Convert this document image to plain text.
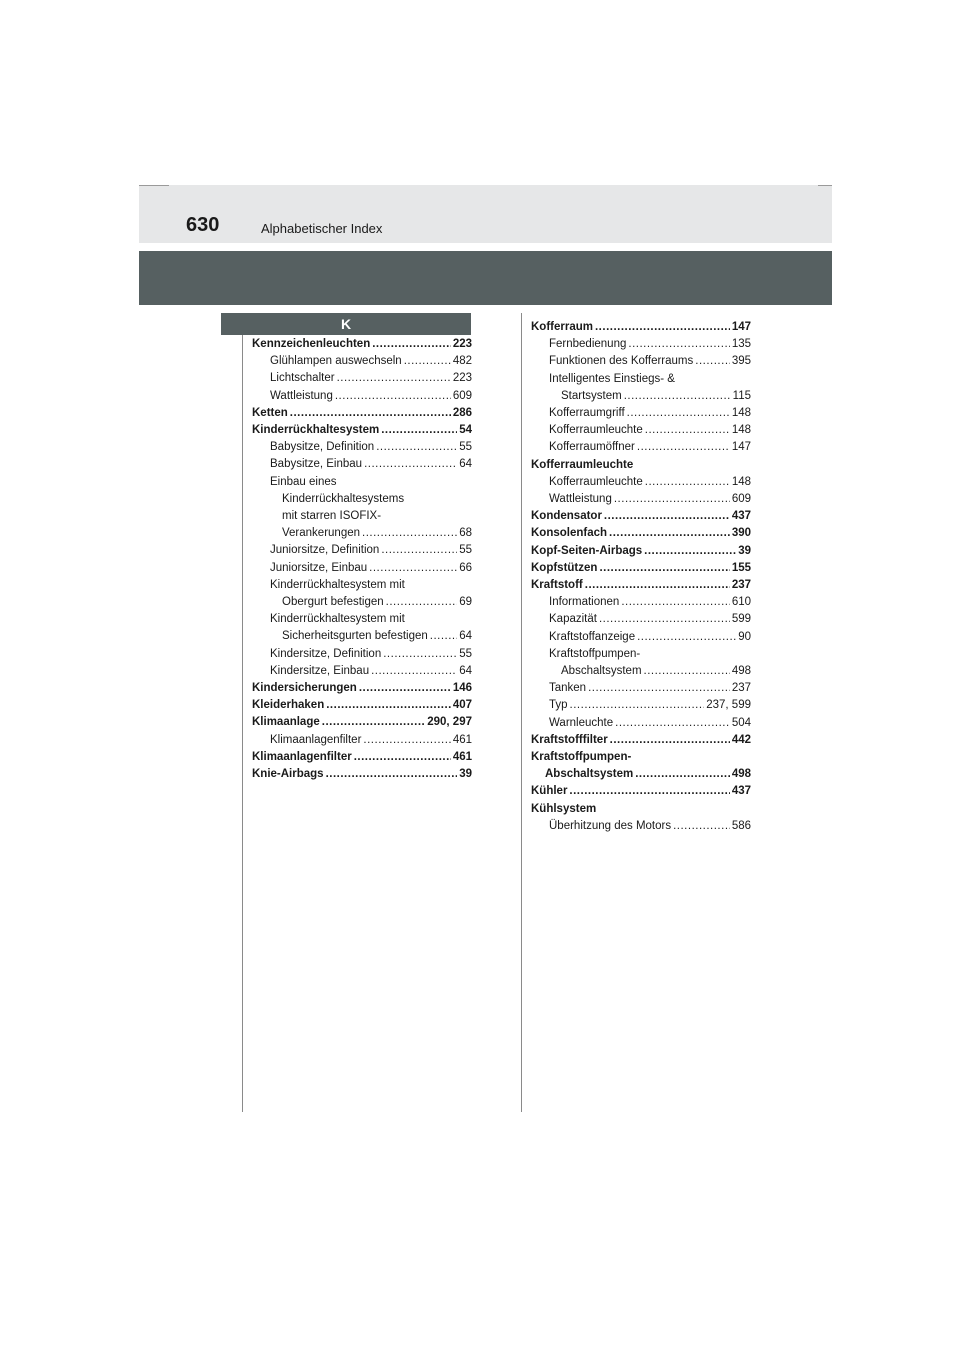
630	Alphabetischer Index
K
Kennzeichenleuchten .....	223
Glühlampen auswechseln .....	482
Lichtschalter .....	223
Wattleistung .....	609
Ketten .....	286
Kinderrückhaltesystem .....	54
Babysitze, Definition .....	55
Babysitze, Einbau .....	64
Einbau eines
Kinderrückhaltesystems
mit starren ISOFIX-
Verankerungen .....	68
Juniorsitze, Definition .....	55
Juniorsitze, Einbau .....	66
Kinderrückhaltesystem mit
Obergurt befestigen .....	69
Kinderrückhaltesystem mit
Sicherheitsgurten befestigen .....	64
Kindersitze, Definition .....	55
Kindersitze, Einbau .....	64
Kindersicherungen .....	146
Kleiderhaken .....	407
Klimaanlage .....	290, 297
Klimaanlagenfilter .....	461
Klimaanlagenfilter .....	461
Knie-Airbags .....	39
Kofferraum .....	147
Fernbedienung .....	135
Funktionen des Kofferraums .....	395
Intelligentes Einstiegs- &
Startsystem .....	115
Kofferraumgriff .....	148
Kofferraumleuchte .....	148
Kofferraumöffner .....	147
Kofferraumleuchte
Kofferraumleuchte .....	148
Wattleistung .....	609
Kondensator .....	437
Konsolenfach .....	390
Kopf-Seiten-Airbags .....	39
Kopfstützen .....	155
Kraftstoff .....	237
Informationen .....	610
Kapazität .....	599
Kraftstoffanzeige .....	90
Kraftstoffpumpen-
Abschaltsystem .....	498
Tanken .....	237
Typ .....	237, 599
Warnleuchte .....	504
Kraftstofffilter .....	442
Kraftstoffpumpen-
Abschaltsystem .....	498
Kühler .....	437
Kühlsystem
Überhitzung des Motors .....	586
